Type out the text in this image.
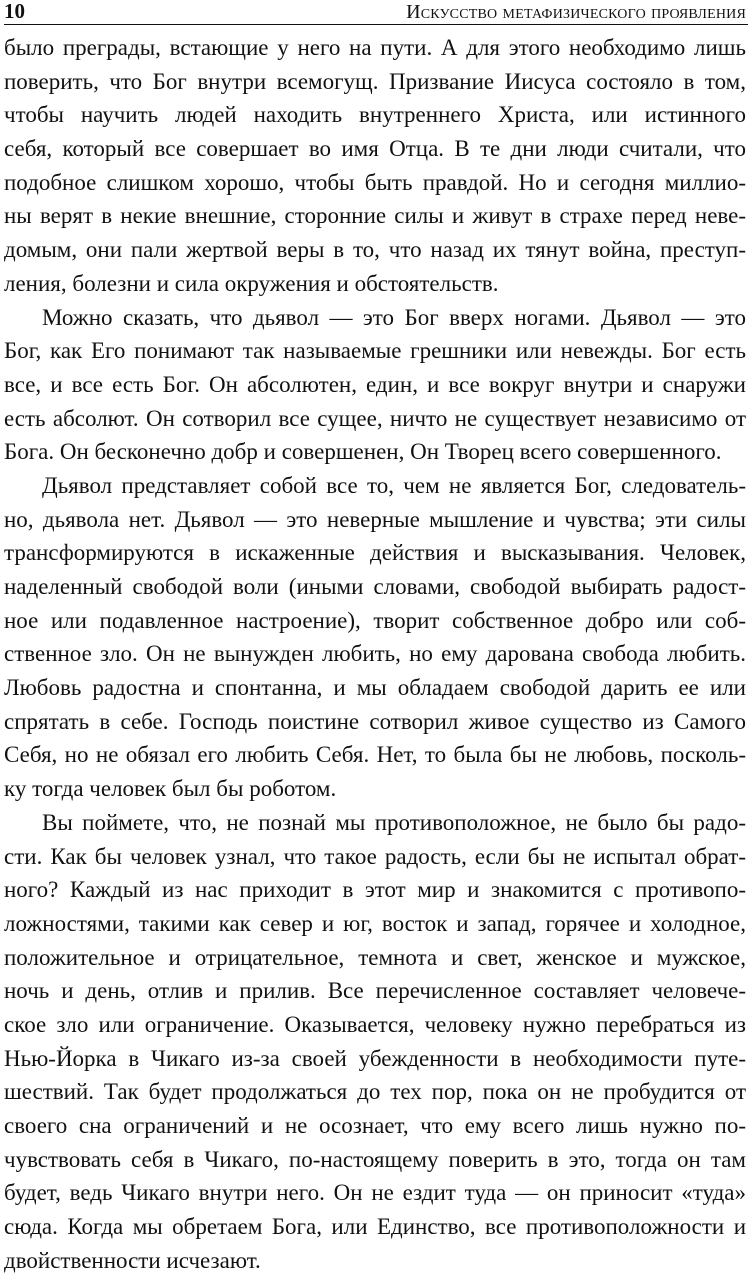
10	Искусство метафизического проявления
было преграды, встающие у него на пути. А для этого необходимо лишь
поверить, что Бог внутри всемогущ. Призвание Иисуса состояло в том,
чтобы научить людей находить внутреннего Христа, или истинного
себя, который все совершает во имя Отца. В те дни люди считали, что
подобное слишком хорошо, чтобы быть правдой. Но и сегодня миллио-
ны верят в некие внешние, сторонние силы и живут в страхе перед неве-
домым, они пали жертвой веры в то, что назад их тянут война, преступ-
ления, болезни и сила окружения и обстоятельств.
Можно сказать, что дьявол — это Бог вверх ногами. Дьявол — это
Бог, как Его понимают так называемые грешники или невежды. Бог есть
все, и все есть Бог. Он абсолютен, един, и все вокруг внутри и снаружи
есть абсолют. Он сотворил все сущее, ничто не существует независимо от
Бога. Он бесконечно добр и совершенен, Он Творец всего совершенного.
Дьявол представляет собой все то, чем не является Бог, следователь-
но, дьявола нет. Дьявол — это неверные мышление и чувства; эти силы
трансформируются в искаженные действия и высказывания. Человек,
наделенный свободой воли (иными словами, свободой выбирать радост-
ное или подавленное настроение), творит собственное добро или соб-
ственное зло. Он не вынужден любить, но ему дарована свобода любить.
Любовь радостна и спонтанна, и мы обладаем свободой дарить ее или
спрятать в себе. Господь поистине сотворил живое существо из Самого
Себя, но не обязал его любить Себя. Нет, то была бы не любовь, посколь-
ку тогда человек был бы роботом.
Вы поймете, что, не познай мы противоположное, не было бы радо-
сти. Как бы человек узнал, что такое радость, если бы не испытал обрат-
ного? Каждый из нас приходит в этот мир и знакомится с противопо-
ложностями, такими как север и юг, восток и запад, горячее и холодное,
положительное и отрицательное, темнота и свет, женское и мужское,
ночь и день, отлив и прилив. Все перечисленное составляет человече-
ское зло или ограничение. Оказывается, человеку нужно перебраться из
Нью-Йорка в Чикаго из-за своей убежденности в необходимости путе-
шествий. Так будет продолжаться до тех пор, пока он не пробудится от
своего сна ограничений и не осознает, что ему всего лишь нужно по-
чувствовать себя в Чикаго, по-настоящему поверить в это, тогда он там
будет, ведь Чикаго внутри него. Он не ездит туда — он приносит «туда»
сюда. Когда мы обретаем Бога, или Единство, все противоположности и
двойственности исчезают.
